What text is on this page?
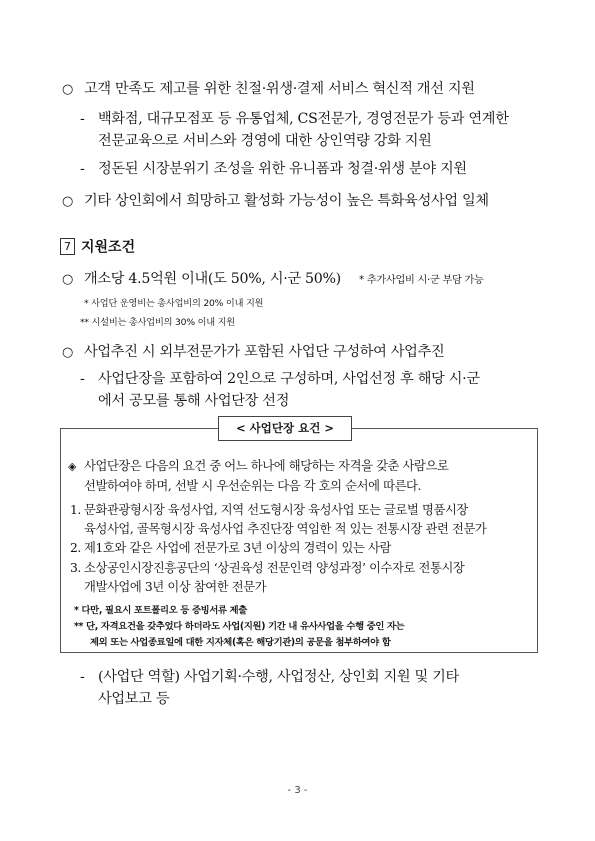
○ 고객 만족도 제고를 위한 친절·위생·결제 서비스 혁신적 개선 지원
- 백화점, 대규모점포 등 유통업체, CS전문가, 경영전문가 등과 연계한
전문교육으로 서비스와 경영에 대한 상인역량 강화 지원
- 정돈된 시장분위기 조성을 위한 유니폼과 청결·위생 분야 지원
○ 기타 상인회에서 희망하고 활성화 가능성이 높은 특화육성사업 일체
7 지원조건
○ 개소당 4.5억원 이내(도 50%, 시·군 50%) * 추가사업비 시·군 부담 가능
* 사업단 운영비는 총사업비의 20% 이내 지원
** 시설비는 총사업비의 30% 이내 지원
○ 사업추진 시 외부전문가가 포함된 사업단 구성하여 사업추진
- 사업단장을 포함하여 2인으로 구성하며, 사업선정 후 해당 시·군
에서 공모를 통해 사업단장 선정
< 사업단장 요건 >
◈ 사업단장은 다음의 요건 중 어느 하나에 해당하는 자격을 갖춘 사람으로
선발하여야 하며, 선발 시 우선순위는 다음 각 호의 순서에 따른다.
1. 문화관광형시장 육성사업, 지역 선도형시장 육성사업 또는 글로벌 명품시장
육성사업, 골목형시장 육성사업 추진단장 역임한 적 있는 전통시장 관련 전문가
2. 제1호와 같은 사업에 전문가로 3년 이상의 경력이 있는 사람
3. 소상공인시장진흥공단의 ‘상권육성 전문인력 양성과정’ 이수자로 전통시장
개발사업에 3년 이상 참여한 전문가
* 다만, 필요시 포트폴리오 등 증빙서류 제출
** 단, 자격요건을 갖추었다 하더라도 사업(지원) 기간 내 유사사업을 수행 중인 자는
제외 또는 사업종료일에 대한 지자체(혹은 해당기관)의 공문을 첨부하여야 함
- (사업단 역할) 사업기획·수행, 사업정산, 상인회 지원 및 기타
사업보고 등
- 3 -
